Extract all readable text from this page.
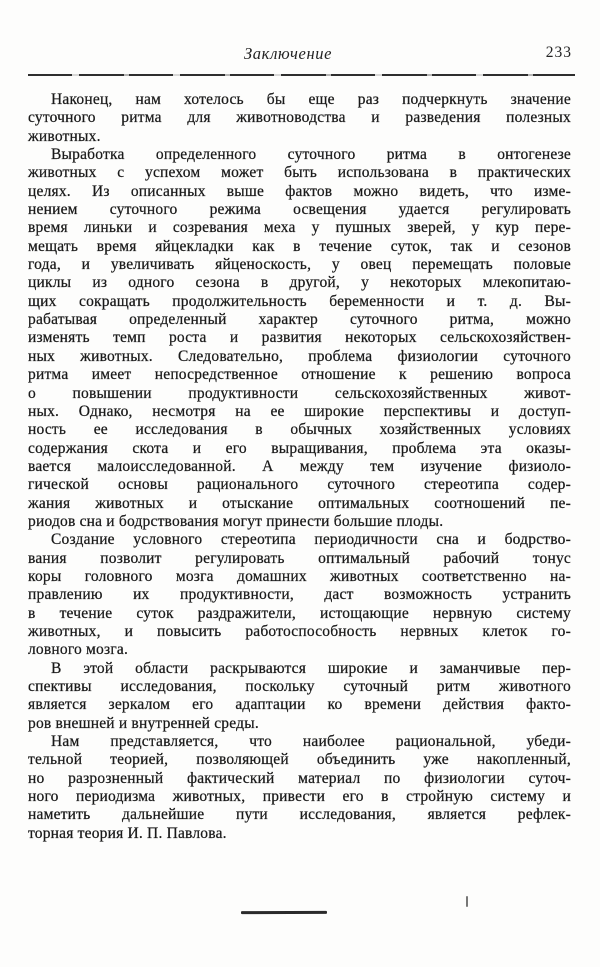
Заключение	233

Наконец, нам хотелось бы еще раз подчеркнуть значение
суточного ритма для животноводства и разведения полезных
животных.

Выработка определенного суточного ритма в онтогенезе
животных с успехом может быть использована в практических
целях. Из описанных выше фактов можно видеть, что изме-
нением суточного режима освещения удается регулировать
время линьки и созревания меха у пушных зверей, у кур пере-
мещать время яйцекладки как в течение суток, так и сезонов
года, и увеличивать яйценоскость, у овец перемещать половые
циклы из одного сезона в другой, у некоторых млекопитаю-
щих сокращать продолжительность беременности и т. д. Вы-
рабатывая определенный характер суточного ритма, можно
изменять темп роста и развития некоторых сельскохозяйствен-
ных животных. Следовательно, проблема физиологии суточного
ритма имеет непосредственное отношение к решению вопроса
о повышении продуктивности сельскохозяйственных живот-
ных. Однако, несмотря на ее широкие перспективы и доступ-
ность ее исследования в обычных хозяйственных условиях
содержания скота и его выращивания, проблема эта оказы-
вается малоисследованной. А между тем изучение физиоло-
гической основы рационального суточного стереотипа содер-
жания животных и отыскание оптимальных соотношений пе-
риодов сна и бодрствования могут принести большие плоды.

Создание условного стереотипа периодичности сна и бодрство-
вания позволит регулировать оптимальный рабочий тонус
коры головного мозга домашних животных соответственно на-
правлению их продуктивности, даст возможность устранить
в течение суток раздражители, истощающие нервную систему
животных, и повысить работоспособность нервных клеток го-
ловного мозга.

В этой области раскрываются широкие и заманчивые пер-
спективы исследования, поскольку суточный ритм животного
является зеркалом его адаптации ко времени действия факто-
ров внешней и внутренней среды.

Нам представляется, что наиболее рациональной, убеди-
тельной теорией, позволяющей объединить уже накопленный,
но разрозненный фактический материал по физиологии суточ-
ного периодизма животных, привести его в стройную систему и
наметить дальнейшие пути исследования, является рефлек-
торная теория И. П. Павлова.
